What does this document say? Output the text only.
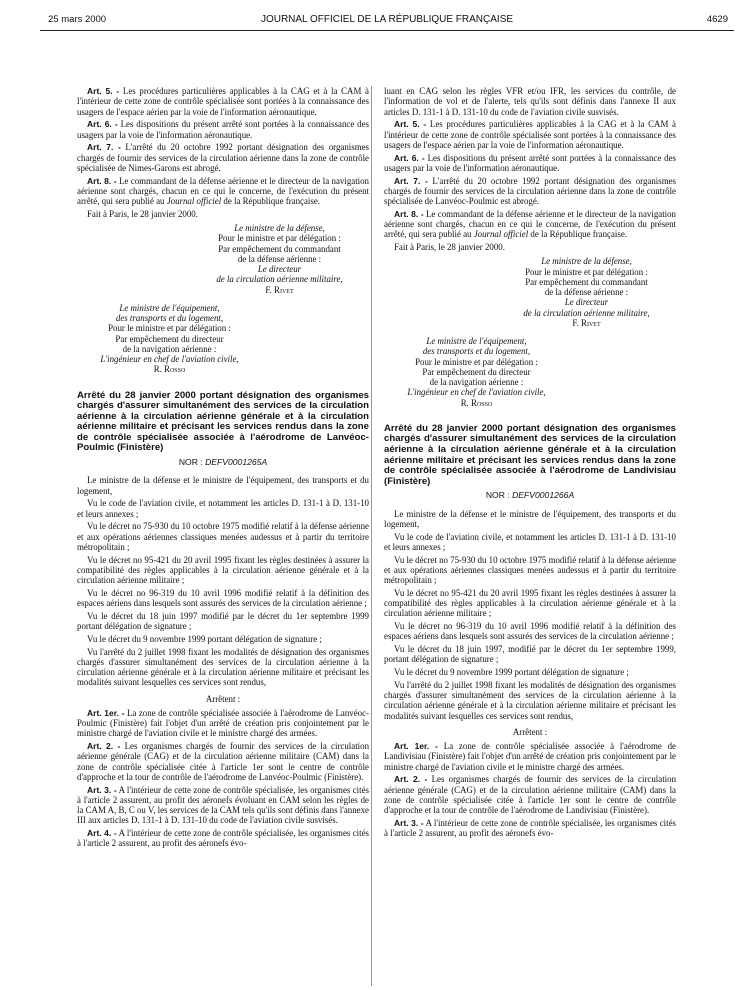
25 mars 2000	JOURNAL OFFICIEL DE LA RÉPUBLIQUE FRANÇAISE	4629

Art. 5. - Les procédures particulières applicables à la CAG et à la CAM à l'intérieur de cette zone de contrôle spécialisée sont portées à la connaissance des usagers de l'espace aérien par la voie de l'information aéronautique.

Art. 6. - Les dispositions du présent arrêté sont portées à la connaissance des usagers par la voie de l'information aéronautique.

Art. 7. - L'arrêté du 20 octobre 1992 portant désignation des organismes chargés de fournir des services de la circulation aérienne dans la zone de contrôle spécialisée de Nimes-Garons est abrogé.

Art. 8. - Le commandant de la défense aérienne et le directeur de la navigation aérienne sont chargés, chacun en ce qui le concerne, de l'exécution du présent arrêté, qui sera publié au Journal officiel de la République française.

Fait à Paris, le 28 janvier 2000.

Le ministre de la défense,
Pour le ministre et par délégation :
Par empêchement du commandant
de la défense aérienne :
Le directeur
de la circulation aérienne militaire,
F. Rivet
Le ministre de l'équipement,
des transports et du logement,
Pour le ministre et par délégation :
Par empêchement du directeur
de la navigation aérienne :
L'ingénieur en chef de l'aviation civile,
R. Rosso

Arrêté du 28 janvier 2000 portant désignation des organismes chargés d'assurer simultanément des services de la circulation aérienne à la circulation aérienne générale et à la circulation aérienne militaire et précisant les services rendus dans la zone de contrôle spécialisée associée à l'aérodrome de Lanvéoc-Poulmic (Finistère)

NOR : DEFV0001265A

Le ministre de la défense et le ministre de l'équipement, des transports et du logement,

Vu le code de l'aviation civile, et notamment les articles D. 131-1 à D. 131-10 et leurs annexes ;

Vu le décret no 75-930 du 10 octobre 1975 modifié relatif à la défense aérienne et aux opérations aériennes classiques menées audessus et à partir du territoire métropolitain ;

Vu le décret no 95-421 du 20 avril 1995 fixant les règles destinées à assurer la compatibilité des règles applicables à la circulation aérienne générale et à la circulation aérienne militaire ;

Vu le décret no 96-319 du 10 avril 1996 modifié relatif à la définition des espaces aériens dans lesquels sont assurés des services de la circulation aérienne ;

Vu le décret du 18 juin 1997 modifié par le décret du 1er septembre 1999 portant délégation de signature ;

Vu le décret du 9 novembre 1999 portant délégation de signature ;

Vu l'arrêté du 2 juillet 1998 fixant les modalités de désignation des organismes chargés d'assurer simultanément des services de la circulation aérienne à la circulation aérienne générale et à la circulation aérienne militaire et précisant les modalités suivant lesquelles ces services sont rendus,

Arrêtent :

Art. 1er. - La zone de contrôle spécialisée associée à l'aérodrome de Lanvéoc-Poulmic (Finistère) fait l'objet d'un arrêté de création pris conjointement par le ministre chargé de l'aviation civile et le ministre chargé des armées.

Art. 2. - Les organismes chargés de fournir des services de la circulation aérienne générale (CAG) et de la circulation aérienne militaire (CAM) dans la zone de contrôle spécialisée citée à l'article 1er sont le centre de contrôle d'approche et la tour de contrôle de l'aérodrome de Lanvéoc-Poulmic (Finistère).

Art. 3. - A l'intérieur de cette zone de contrôle spécialisée, les organismes cités à l'article 2 assurent, au profit des aéronefs évoluant en CAM selon les règles de la CAM A, B, C ou V, les services de la CAM tels qu'ils sont définis dans l'annexe III aux articles D. 131-1 à D. 131-10 du code de l'aviation civile susvisés.

Art. 4. - A l'intérieur de cette zone de contrôle spécialisée, les organismes cités à l'article 2 assurent, au profit des aéronefs évo-

luant en CAG selon les règles VFR et/ou IFR, les services du contrôle, de l'information de vol et de l'alerte, tels qu'ils sont définis dans l'annexe II aux articles D. 131-1 à D. 131-10 du code de l'aviation civile susvisés.

Art. 5. - Les procédures particulières applicables à la CAG et à la CAM à l'intérieur de cette zone de contrôle spécialisée sont portées à la connaissance des usagers de l'espace aérien par la voie de l'information aéronautique.

Art. 6. - Les dispositions du présent arrêté sont portées à la connaissance des usagers par la voie de l'information aéronautique.

Art. 7. - L'arrêté du 20 octobre 1992 portant désignation des organismes chargés de fournir des services de la circulation aérienne dans la zone de contrôle spécialisée de Lanvéoc-Poulmic est abrogé.

Art. 8. - Le commandant de la défense aérienne et le directeur de la navigation aérienne sont chargés, chacun en ce qui le concerne, de l'exécution du présent arrêté, qui sera publié au Journal officiel de la République française.

Fait à Paris, le 28 janvier 2000.

Le ministre de la défense,
Pour le ministre et par délégation :
Par empêchement du commandant
de la défense aérienne :
Le directeur
de la circulation aérienne militaire,
F. Rivet
Le ministre de l'équipement,
des transports et du logement,
Pour le ministre et par délégation :
Par empêchement du directeur
de la navigation aérienne :
L'ingénieur en chef de l'aviation civile,
R. Rosso

Arrêté du 28 janvier 2000 portant désignation des organismes chargés d'assurer simultanément des services de la circulation aérienne à la circulation aérienne générale et à la circulation aérienne militaire et précisant les services rendus dans la zone de contrôle spécialisée associée à l'aérodrome de Landivisiau (Finistère)

NOR : DEFV0001266A

Le ministre de la défense et le ministre de l'équipement, des transports et du logement,

Vu le code de l'aviation civile, et notamment les articles D. 131-1 à D. 131-10 et leurs annexes ;

Vu le décret no 75-930 du 10 octobre 1975 modifié relatif à la défense aérienne et aux opérations aériennes classiques menées audessus et à partir du territoire métropolitain ;

Vu le décret no 95-421 du 20 avril 1995 fixant les règles destinées à assurer la compatibilité des règles applicables à la circulation aérienne générale et à la circulation aérienne militaire ;

Vu le décret no 96-319 du 10 avril 1996 modifié relatif à la définition des espaces aériens dans lesquels sont assurés des services de la circulation aérienne ;

Vu le décret du 18 juin 1997, modifié par le décret du 1er septembre 1999, portant délégation de signature ;

Vu le décret du 9 novembre 1999 portant délégation de signature ;

Vu l'arrêté du 2 juillet 1998 fixant les modalités de désignation des organismes chargés d'assurer simultanément des services de la circulation aérienne à la circulation aérienne générale et à la circulation aérienne militaire et précisant les modalités suivant lesquelles ces services sont rendus,

Arrêtent :

Art. 1er. - La zone de contrôle spécialisée associée à l'aérodrome de Landivisiau (Finistère) fait l'objet d'un arrêté de création pris conjointement par le ministre chargé de l'aviation civile et le ministre chargé des armées.

Art. 2. - Les organismes chargés de fournir des services de la circulation aérienne générale (CAG) et de la circulation aérienne militaire (CAM) dans la zone de contrôle spécialisée citée à l'article 1er sont le centre de contrôle d'approche et la tour de contrôle de l'aérodrome de Landivisiau (Finistère).

Art. 3. - A l'intérieur de cette zone de contrôle spécialisée, les organismes cités à l'article 2 assurent, au profit des aéronefs évo-
